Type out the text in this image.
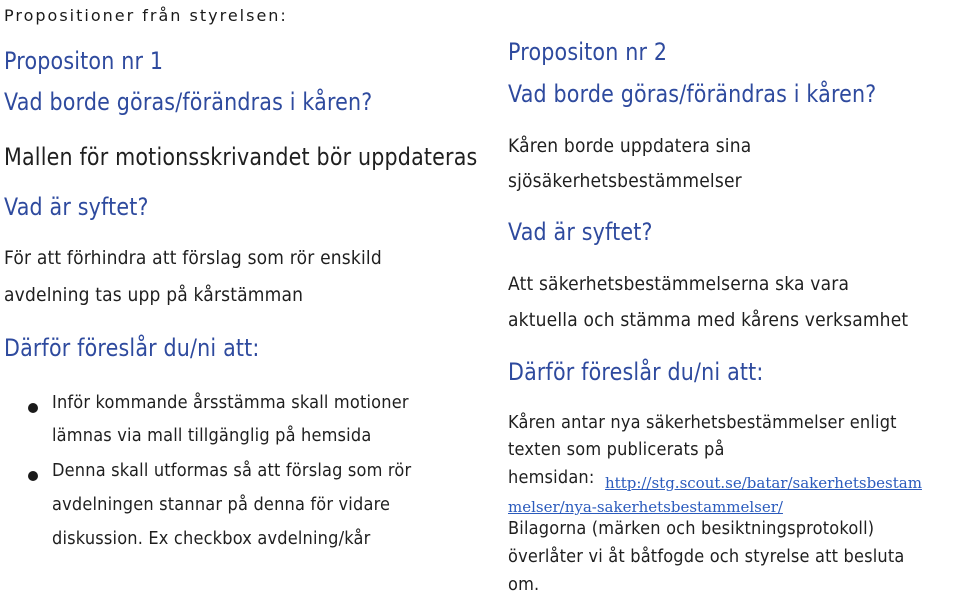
Propositioner från styrelsen:
Propositon nr 1
Vad borde göras/förändras i kåren?
Mallen för motionsskrivandet bör uppdateras
Vad är syftet?
För att förhindra att förslag som rör enskild
avdelning tas upp på kårstämman
Därför föreslår du/ni att:
Inför kommande årsstämma skall motioner
lämnas via mall tillgänglig på hemsida
Denna skall utformas så att förslag som rör
avdelningen stannar på denna för vidare
diskussion. Ex checkbox avdelning/kår
Propositon nr 2
Vad borde göras/förändras i kåren?
Kåren borde uppdatera sina
sjösäkerhetsbestämmelser
Vad är syftet?
Att säkerhetsbestämmelserna ska vara
aktuella och stämma med kårens verksamhet
Därför föreslår du/ni att:
Kåren antar nya säkerhetsbestämmelser enligt
texten som publicerats på
hemsidan: http://stg.scout.se/batar/sakerhetsbestam
melser/nya-sakerhetsbestammelser/
Bilagorna (märken och besiktningsprotokoll)
överlåter vi åt båtfogde och styrelse att besluta
om.
